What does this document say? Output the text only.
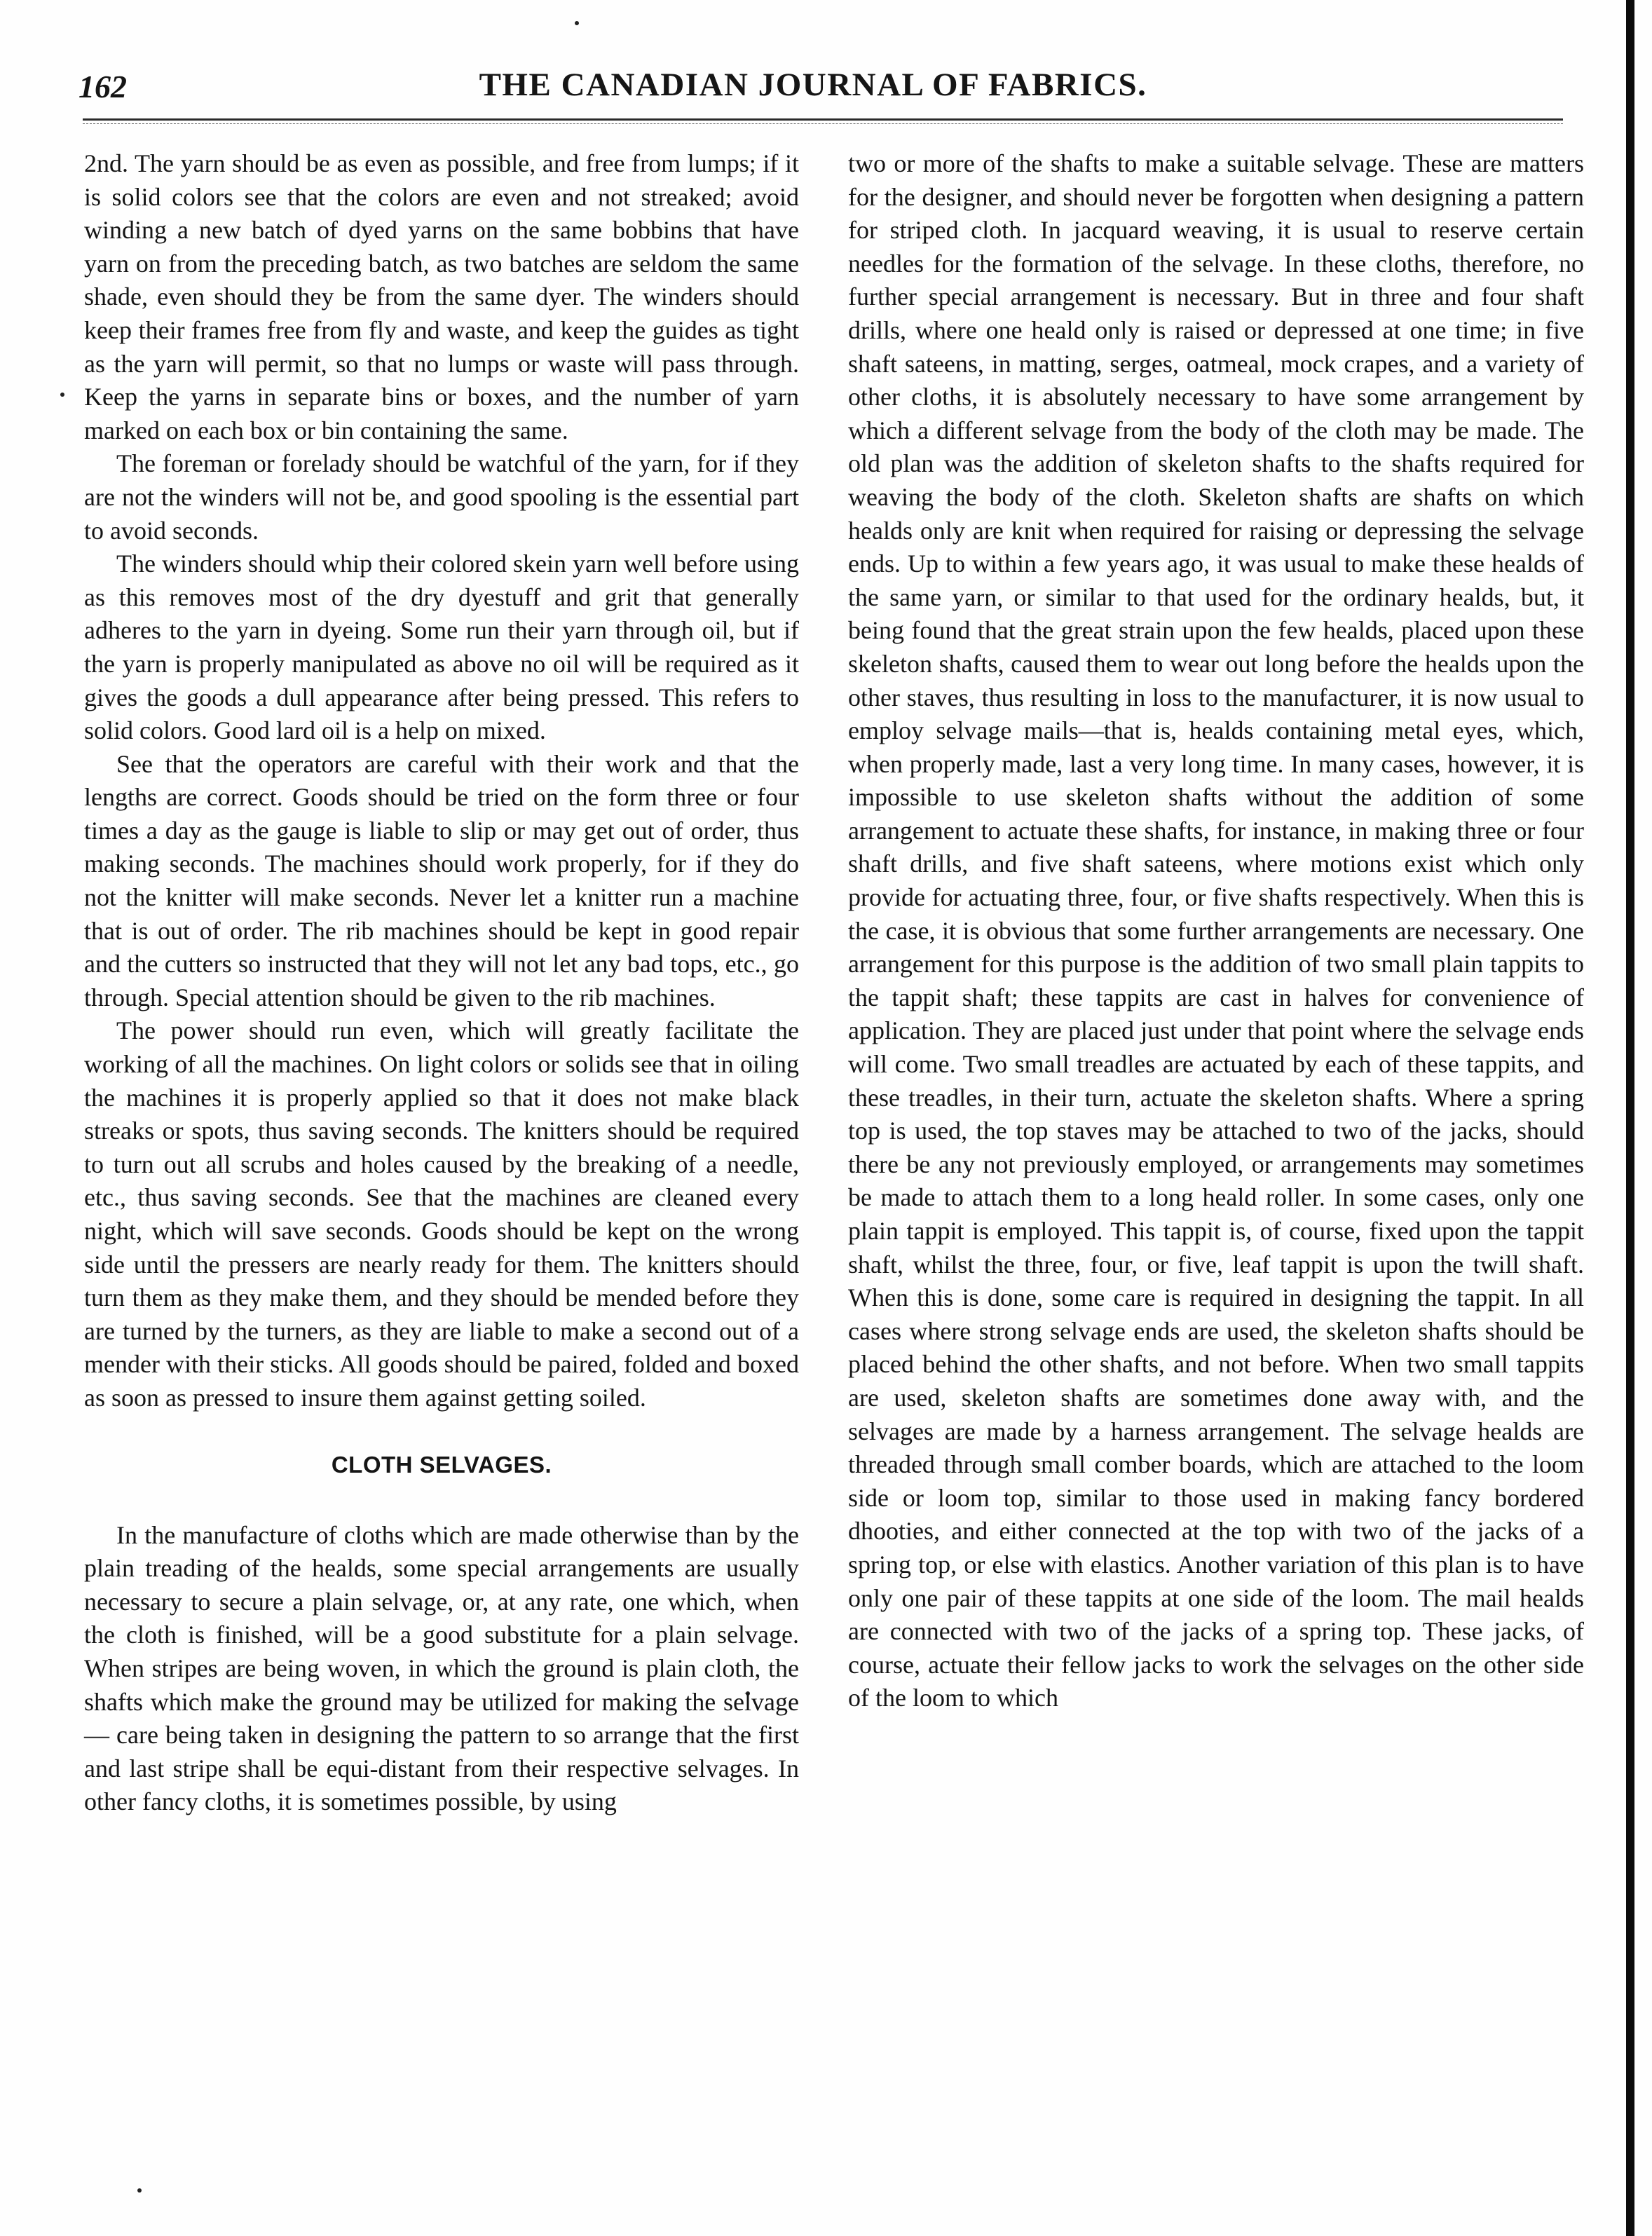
162	THE CANADIAN JOURNAL OF FABRICS.

2nd. The yarn should be as even as possible, and free from lumps; if it is solid colors see that the colors are even and not streaked; avoid winding a new batch of dyed yarns on the same bobbins that have yarn on from the preceding batch, as two batches are seldom the same shade, even should they be from the same dyer. The winders should keep their frames free from fly and waste, and keep the guides as tight as the yarn will permit, so that no lumps or waste will pass through. Keep the yarns in separate bins or boxes, and the number of yarn marked on each box or bin containing the same.

The foreman or forelady should be watchful of the yarn, for if they are not the winders will not be, and good spooling is the essential part to avoid seconds.

The winders should whip their colored skein yarn well before using as this removes most of the dry dyestuff and grit that generally adheres to the yarn in dyeing. Some run their yarn through oil, but if the yarn is properly manipulated as above no oil will be required as it gives the goods a dull appearance after being pressed. This refers to solid colors. Good lard oil is a help on mixed.

See that the operators are careful with their work and that the lengths are correct. Goods should be tried on the form three or four times a day as the gauge is liable to slip or may get out of order, thus making seconds. The machines should work properly, for if they do not the knitter will make seconds. Never let a knitter run a machine that is out of order. The rib machines should be kept in good repair and the cutters so instructed that they will not let any bad tops, etc., go through. Special attention should be given to the rib machines.

The power should run even, which will greatly facilitate the working of all the machines. On light colors or solids see that in oiling the machines it is properly applied so that it does not make black streaks or spots, thus saving seconds. The knitters should be required to turn out all scrubs and holes caused by the breaking of a needle, etc., thus saving seconds. See that the machines are cleaned every night, which will save seconds. Goods should be kept on the wrong side until the pressers are nearly ready for them. The knitters should turn them as they make them, and they should be mended before they are turned by the turners, as they are liable to make a second out of a mender with their sticks. All goods should be paired, folded and boxed as soon as pressed to insure them against getting soiled.

CLOTH SELVAGES.

In the manufacture of cloths which are made otherwise than by the plain treading of the healds, some special arrangements are usually necessary to secure a plain selvage, or, at any rate, one which, when the cloth is finished, will be a good substitute for a plain selvage. When stripes are being woven, in which the ground is plain cloth, the shafts which make the ground may be utilized for making the selvage — care being taken in designing the pattern to so arrange that the first and last stripe shall be equi-distant from their respective selvages. In other fancy cloths, it is sometimes possible, by using

two or more of the shafts to make a suitable selvage. These are matters for the designer, and should never be forgotten when designing a pattern for striped cloth. In jacquard weaving, it is usual to reserve certain needles for the formation of the selvage. In these cloths, therefore, no further special arrangement is necessary. But in three and four shaft drills, where one heald only is raised or depressed at one time; in five shaft sateens, in matting, serges, oatmeal, mock crapes, and a variety of other cloths, it is absolutely necessary to have some arrangement by which a different selvage from the body of the cloth may be made. The old plan was the addition of skeleton shafts to the shafts required for weaving the body of the cloth. Skeleton shafts are shafts on which healds only are knit when required for raising or depressing the selvage ends. Up to within a few years ago, it was usual to make these healds of the same yarn, or similar to that used for the ordinary healds, but, it being found that the great strain upon the few healds, placed upon these skeleton shafts, caused them to wear out long before the healds upon the other staves, thus resulting in loss to the manufacturer, it is now usual to employ selvage mails—that is, healds containing metal eyes, which, when properly made, last a very long time. In many cases, however, it is impossible to use skeleton shafts without the addition of some arrangement to actuate these shafts, for instance, in making three or four shaft drills, and five shaft sateens, where motions exist which only provide for actuating three, four, or five shafts respectively. When this is the case, it is obvious that some further arrangements are necessary. One arrangement for this purpose is the addition of two small plain tappits to the tappit shaft; these tappits are cast in halves for convenience of application. They are placed just under that point where the selvage ends will come. Two small treadles are actuated by each of these tappits, and these treadles, in their turn, actuate the skeleton shafts. Where a spring top is used, the top staves may be attached to two of the jacks, should there be any not previously employed, or arrangements may sometimes be made to attach them to a long heald roller. In some cases, only one plain tappit is employed. This tappit is, of course, fixed upon the tappit shaft, whilst the three, four, or five, leaf tappit is upon the twill shaft. When this is done, some care is required in designing the tappit. In all cases where strong selvage ends are used, the skeleton shafts should be placed behind the other shafts, and not before. When two small tappits are used, skeleton shafts are sometimes done away with, and the selvages are made by a harness arrangement. The selvage healds are threaded through small comber boards, which are attached to the loom side or loom top, similar to those used in making fancy bordered dhooties, and either connected at the top with two of the jacks of a spring top, or else with elastics. Another variation of this plan is to have only one pair of these tappits at one side of the loom. The mail healds are connected with two of the jacks of a spring top. These jacks, of course, actuate their fellow jacks to work the selvages on the other side of the loom to which
